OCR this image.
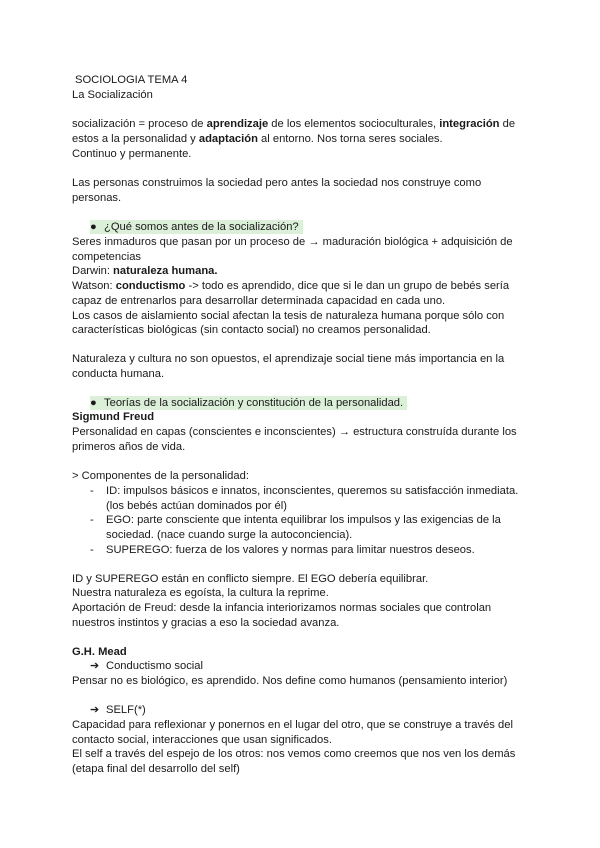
SOCIOLOGIA TEMA 4
La Socialización
socialización = proceso de aprendizaje de los elementos socioculturales, integración de
estos a la personalidad y adaptación al entorno. Nos torna seres sociales.
Continuo y permanente.
Las personas construimos la sociedad pero antes la sociedad nos construye como
personas.
● ¿Qué somos antes de la socialización?
Seres inmaduros que pasan por un proceso de → maduración biológica + adquisición de
competencias
Darwin: naturaleza humana.
Watson: conductismo -> todo es aprendido, dice que si le dan un grupo de bebés sería
capaz de entrenarlos para desarrollar determinada capacidad en cada uno.
Los casos de aislamiento social afectan la tesis de naturaleza humana porque sólo con
características biológicas (sin contacto social) no creamos personalidad.
Naturaleza y cultura no son opuestos, el aprendizaje social tiene más importancia en la
conducta humana.
● Teorías de la socialización y constitución de la personalidad.
Sigmund Freud
Personalidad en capas (conscientes e inconscientes) → estructura construída durante los
primeros años de vida.
> Componentes de la personalidad:
- ID: impulsos básicos e innatos, inconscientes, queremos su satisfacción inmediata.
(los bebés actúan dominados por él)
- EGO: parte consciente que intenta equilibrar los impulsos y las exigencias de la
sociedad. (nace cuando surge la autoconciencia).
- SUPEREGO: fuerza de los valores y normas para limitar nuestros deseos.
ID y SUPEREGO están en conflicto siempre. El EGO debería equilibrar.
Nuestra naturaleza es egoísta, la cultura la reprime.
Aportación de Freud: desde la infancia interiorizamos normas sociales que controlan
nuestros instintos y gracias a eso la sociedad avanza.
G.H. Mead
➔ Conductismo social
Pensar no es biológico, es aprendido. Nos define como humanos (pensamiento interior)
➔ SELF(*)
Capacidad para reflexionar y ponernos en el lugar del otro, que se construye a través del
contacto social, interacciones que usan significados.
El self a través del espejo de los otros: nos vemos como creemos que nos ven los demás
(etapa final del desarrollo del self)
